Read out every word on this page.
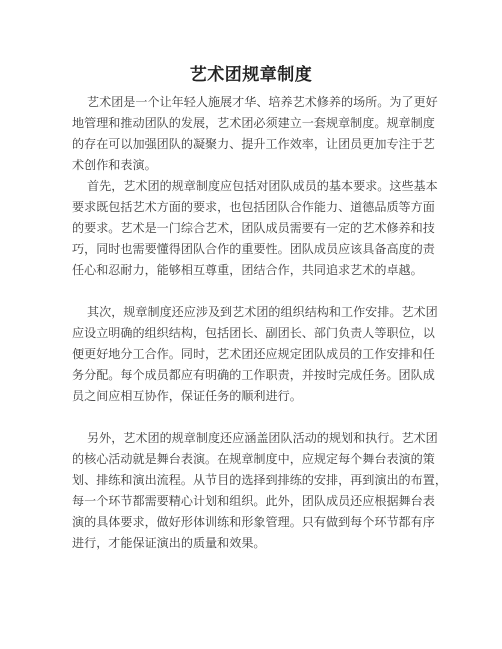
艺术团规章制度
艺术团是一个让年轻人施展才华、培养艺术修养的场所。为了更好
地管理和推动团队的发展，艺术团必须建立一套规章制度。规章制度
的存在可以加强团队的凝聚力、提升工作效率，让团员更加专注于艺
术创作和表演。
首先，艺术团的规章制度应包括对团队成员的基本要求。这些基本
要求既包括艺术方面的要求，也包括团队合作能力、道德品质等方面
的要求。艺术是一门综合艺术，团队成员需要有一定的艺术修养和技
巧，同时也需要懂得团队合作的重要性。团队成员应该具备高度的责
任心和忍耐力，能够相互尊重，团结合作，共同追求艺术的卓越。
其次，规章制度还应涉及到艺术团的组织结构和工作安排。艺术团
应设立明确的组织结构，包括团长、副团长、部门负责人等职位，以
便更好地分工合作。同时，艺术团还应规定团队成员的工作安排和任
务分配。每个成员都应有明确的工作职责，并按时完成任务。团队成
员之间应相互协作，保证任务的顺利进行。
另外，艺术团的规章制度还应涵盖团队活动的规划和执行。艺术团
的核心活动就是舞台表演。在规章制度中，应规定每个舞台表演的策
划、排练和演出流程。从节目的选择到排练的安排，再到演出的布置，
每一个环节都需要精心计划和组织。此外，团队成员还应根据舞台表
演的具体要求，做好形体训练和形象管理。只有做到每个环节都有序
进行，才能保证演出的质量和效果。
